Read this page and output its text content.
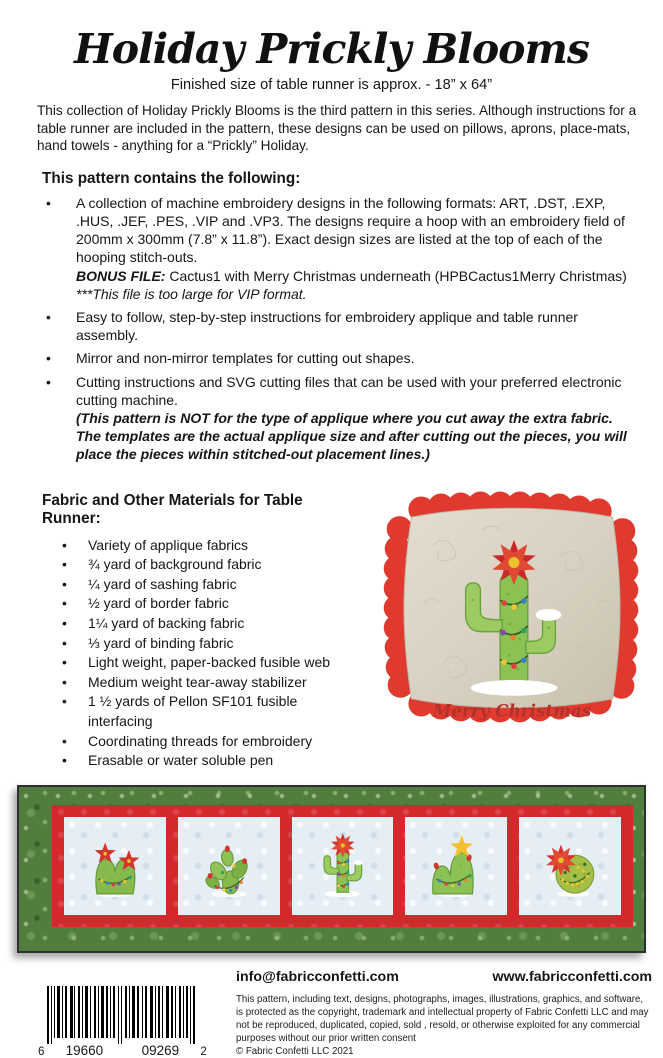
Holiday Prickly Blooms

Finished size of table runner is approx. - 18” x 64”

This collection of Holiday Prickly Blooms is the third pattern in this series. Although instructions for a table runner are included in the pattern, these designs can be used on pillows, aprons, place-mats, hand towels - anything for a “Prickly” Holiday.

This pattern contains the following:
•
A collection of machine embroidery designs in the following formats: ART, .DST, .EXP, .HUS, .JEF, .PES, .VIP and .VP3. The designs require a hoop with an embroidery field of 200mm x 300mm (7.8” x 11.8”). Exact design sizes are listed at the top of each of the hooping stitch-outs.
BONUS FILE: Cactus1 with Merry Christmas underneath (HPBCactus1Merry Christmas) ***This file is too large for VIP format.
•
Easy to follow, step-by-step instructions for embroidery applique and table runner assembly.
•
Mirror and non-mirror templates for cutting out shapes.
•
Cutting instructions and SVG cutting files that can be used with your preferred electronic cutting machine.
(This pattern is NOT for the type of applique where you cut away the extra fabric. The templates are the actual applique size and after cutting out the pieces, you will place the pieces within stitched-out placement lines.)
Fabric and Other Materials for Table Runner:
•
Variety of applique fabrics
•
¾ yard of background fabric
•
¼ yard of sashing fabric
•
½ yard of border fabric
•
1¼ yard of backing fabric
•
⅓ yard of binding fabric
•
Light weight, paper-backed fusible web
•
Medium weight tear-away stabilizer
•
1 ½ yards of Pellon SF101 fusible interfacing
•
Coordinating threads for embroidery
•
Erasable or water soluble pen
Merry Christmas
6 19660	09269 2
info@fabricconfetti.com	www.fabricconfetti.com
This pattern, including text, designs, photographs, images, illustrations, graphics, and software, is protected as the copyright, trademark and intellectual property of Fabric Confetti LLC and may not be reproduced, duplicated, copied, sold , resold, or otherwise exploited for any commercial purposes without our prior written consent
© Fabric Confetti LLC 2021
